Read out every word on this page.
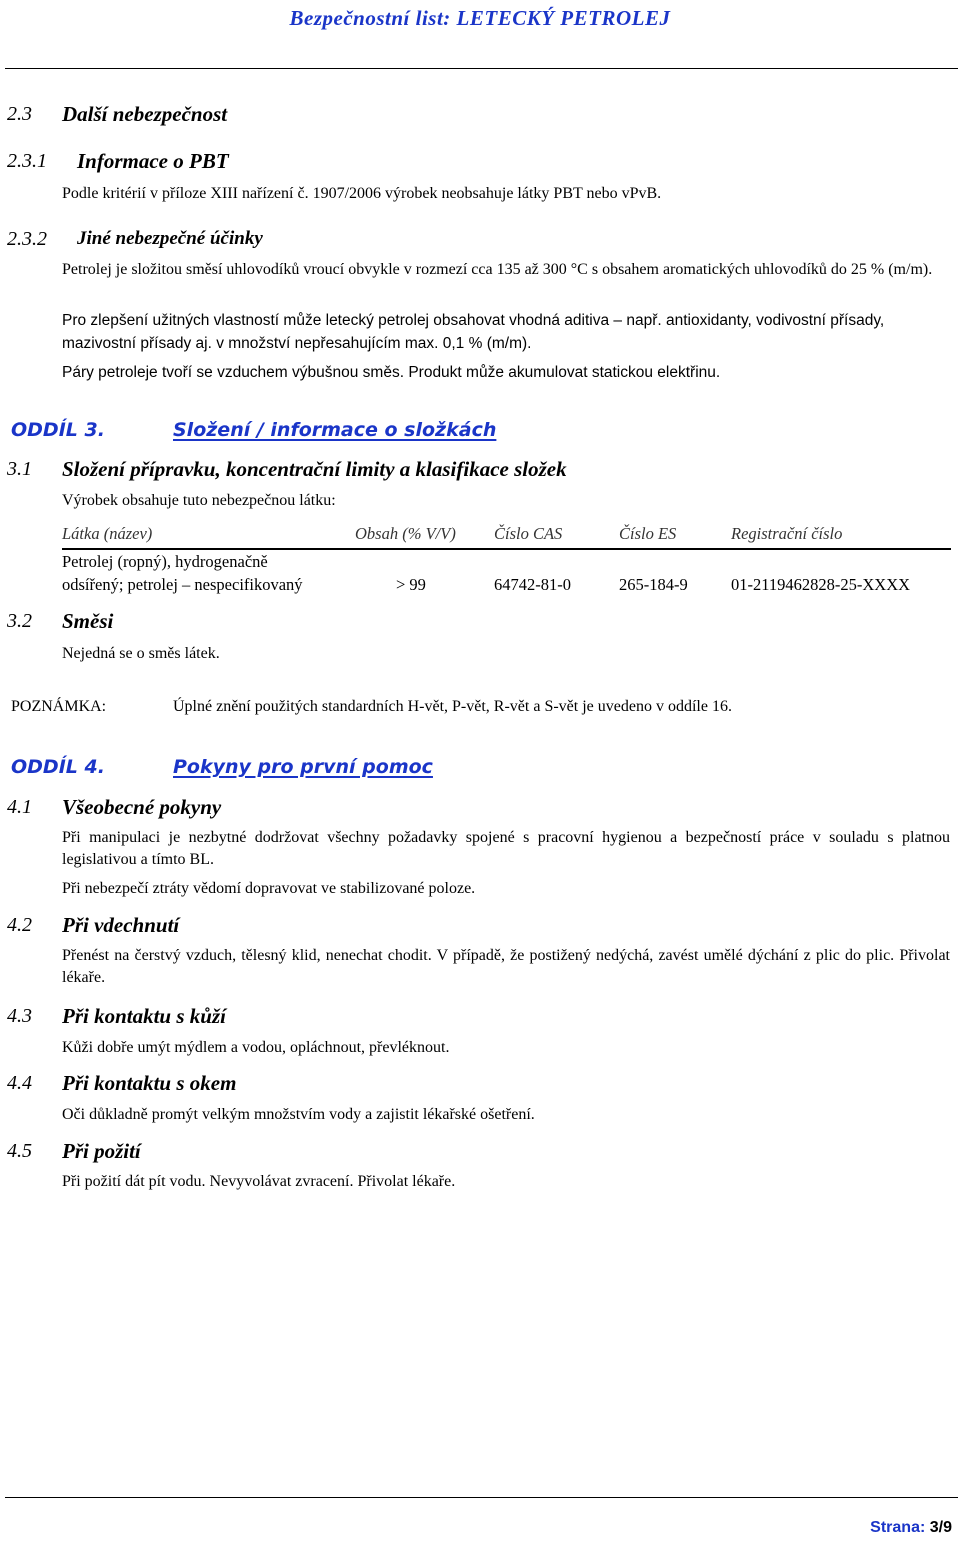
Bezpečnostní list: LETECKÝ PETROLEJ
2.3 Další nebezpečnost
2.3.1 Informace o PBT
Podle kritérií v příloze XIII nařízení č. 1907/2006 výrobek neobsahuje látky PBT nebo vPvB.
2.3.2 Jiné nebezpečné účinky
Petrolej je složitou směsí uhlovodíků vroucí obvykle v rozmezí cca 135 až 300 °C s obsahem aromatických uhlovodíků do 25 % (m/m).
Pro zlepšení užitných vlastností může letecký petrolej obsahovat vhodná aditiva – např. antioxidanty, vodivostní přísady, mazivostní přísady aj. v množství nepřesahujícím max. 0,1 % (m/m).
Páry petroleje tvoří se vzduchem výbušnou směs. Produkt může akumulovat statickou elektřinu.
ODDÍL 3.	Složení / informace o složkách
3.1 Složení přípravku, koncentrační limity a klasifikace složek
Výrobek obsahuje tuto nebezpečnou látku:
Látka (název)	Obsah (% V/V) Číslo CAS	Číslo ES	Registrační číslo
Petrolej (ropný), hydrogenačně
odsířený; petrolej – nespecifikovaný	> 99	64742-81-0	265-184-9	01-2119462828-25-XXXX
3.2 Směsi
Nejedná se o směs látek.
POZNÁMKA:	Úplné znění použitých standardních H-vět, P-vět, R-vět a S-vět je uvedeno v oddíle 16.
ODDÍL 4.	Pokyny pro první pomoc
4.1 Všeobecné pokyny
Při manipulaci je nezbytné dodržovat všechny požadavky spojené s pracovní hygienou a bezpečností práce v souladu s platnou legislativou a tímto BL.
Při nebezpečí ztráty vědomí dopravovat ve stabilizované poloze.
4.2 Při vdechnutí
Přenést na čerstvý vzduch, tělesný klid, nenechat chodit. V případě, že postižený nedýchá, zavést umělé dýchání z plic do plic. Přivolat lékaře.
4.3 Při kontaktu s kůží
Kůži dobře umýt mýdlem a vodou, opláchnout, převléknout.
4.4 Při kontaktu s okem
Oči důkladně promýt velkým množstvím vody a zajistit lékařské ošetření.
4.5 Při požití
Při požití dát pít vodu. Nevyvolávat zvracení. Přivolat lékaře.
Strana: 3/9
